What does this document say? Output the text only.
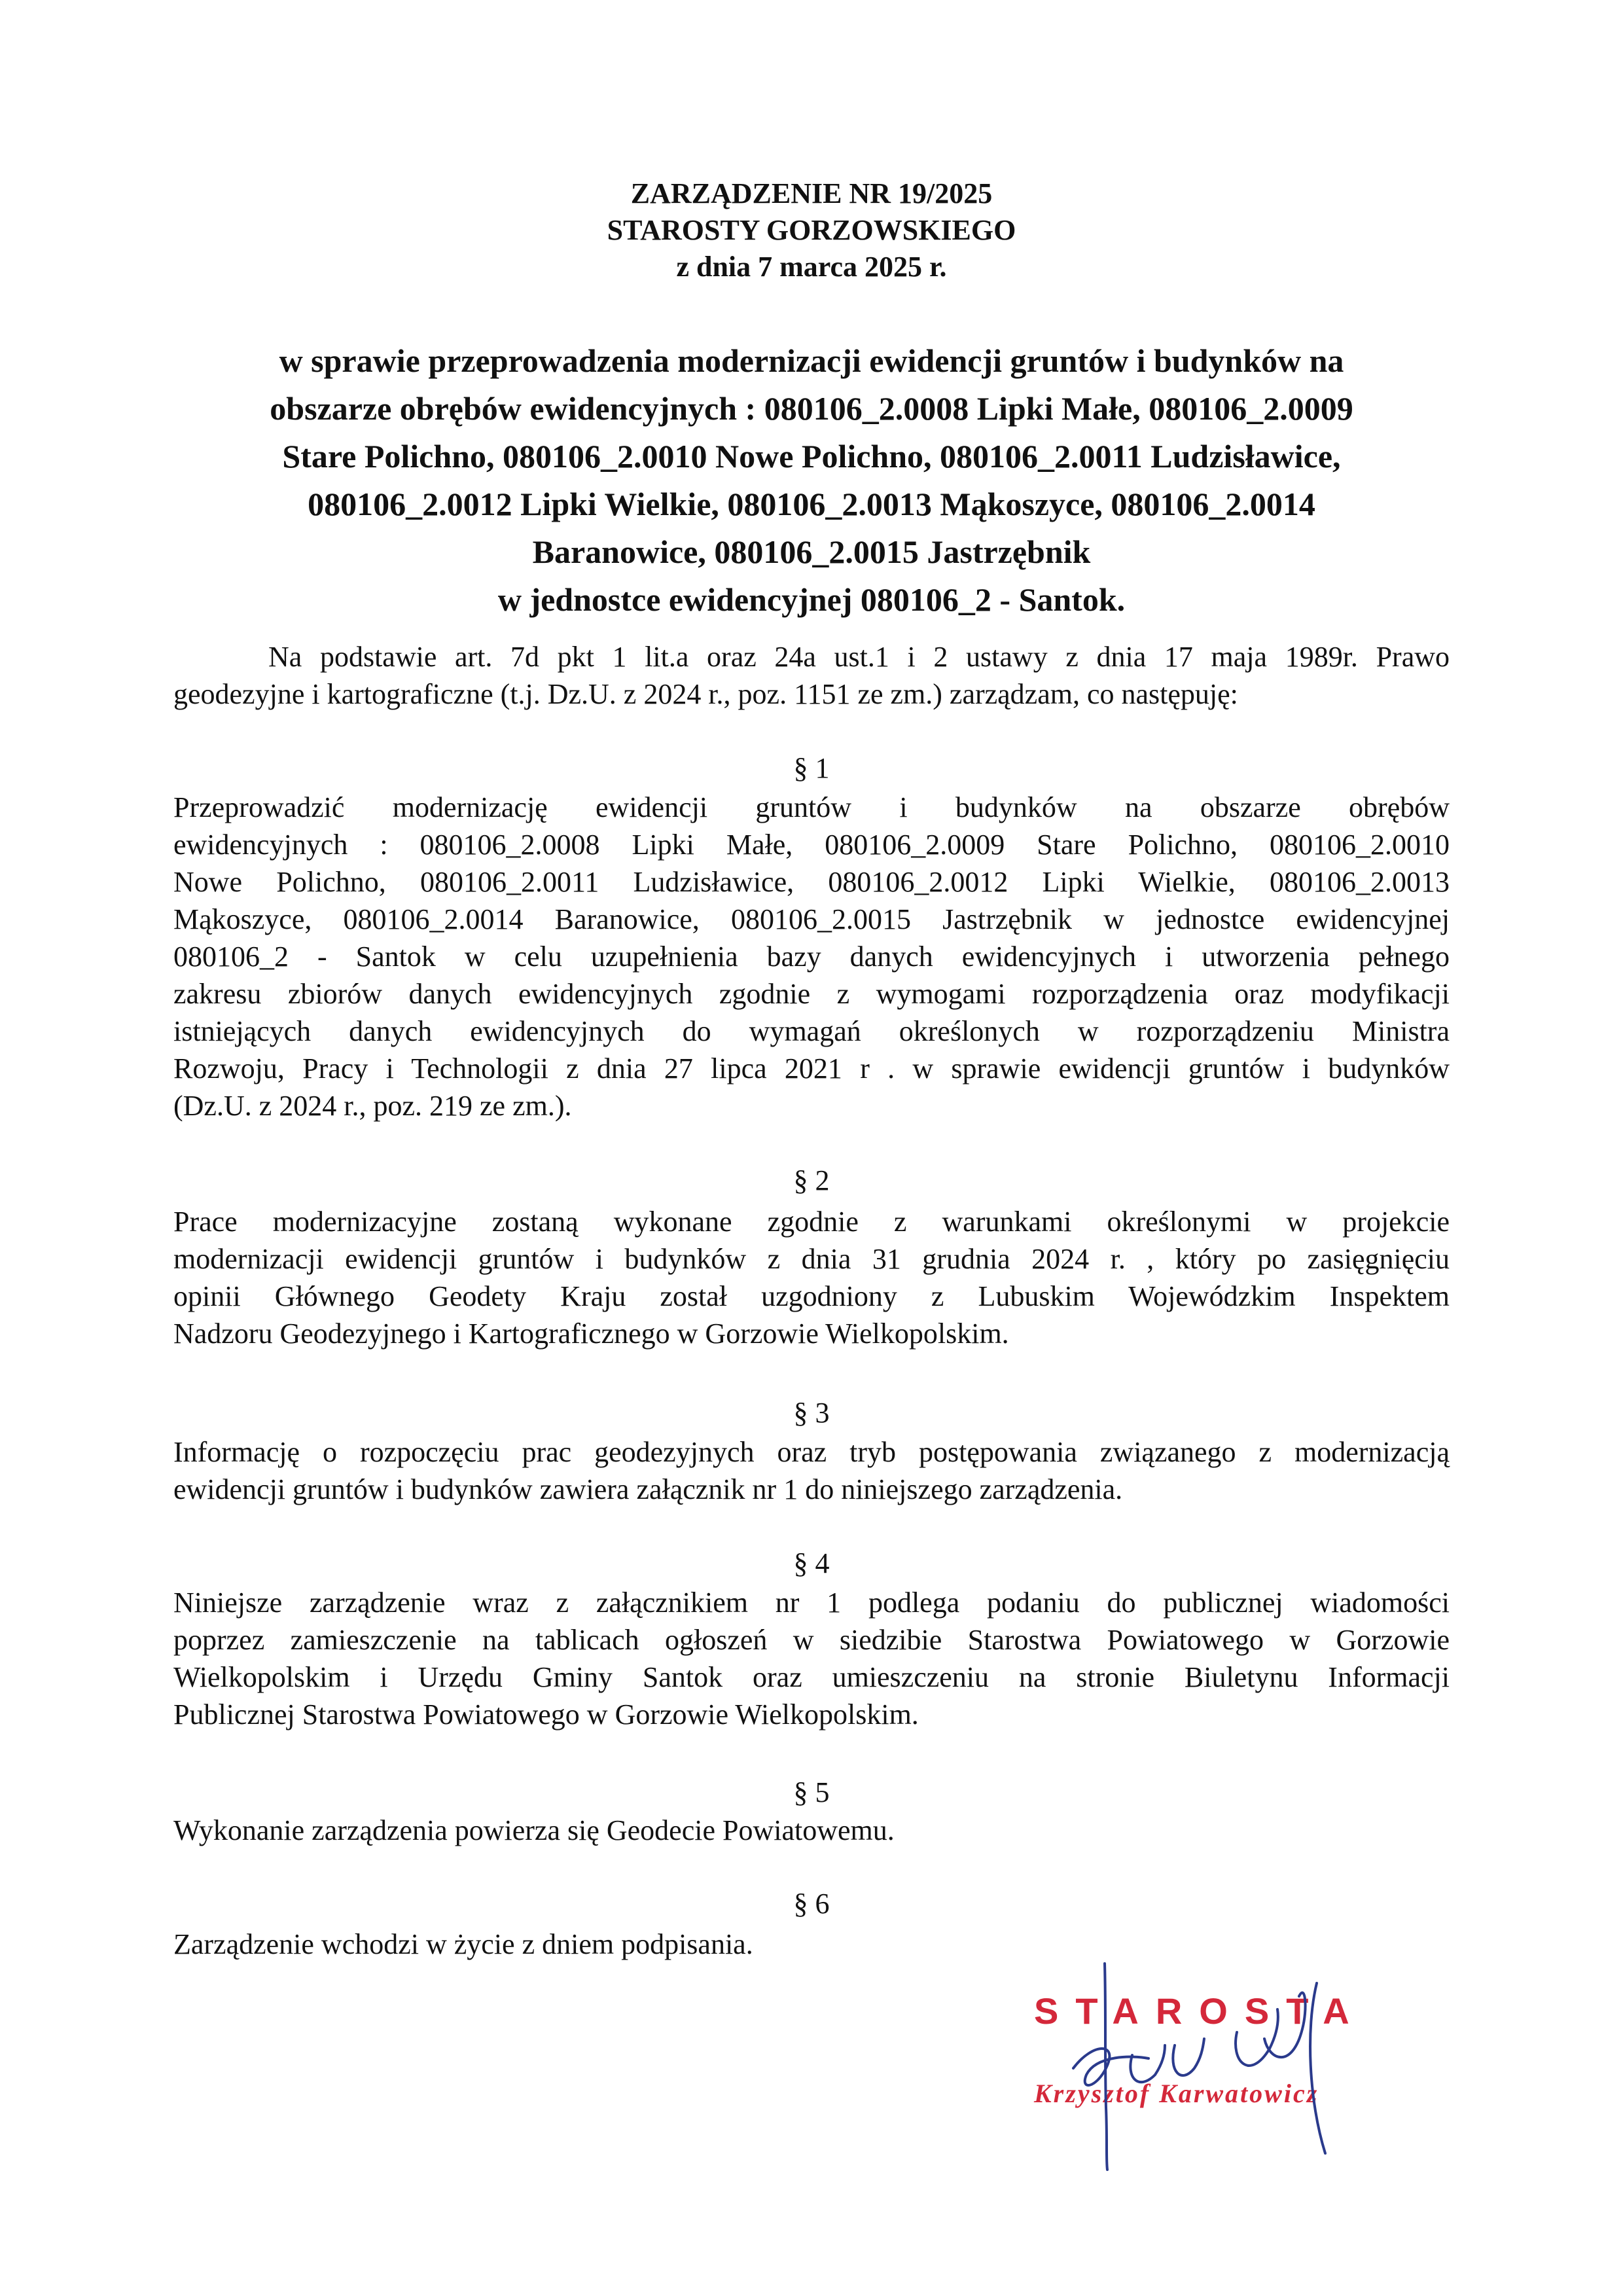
ZARZĄDZENIE NR 19/2025
STAROSTY GORZOWSKIEGO
z dnia 7 marca 2025 r.
w sprawie przeprowadzenia modernizacji ewidencji gruntów i budynków na
obszarze obrębów ewidencyjnych : 080106_2.0008 Lipki Małe, 080106_2.0009
Stare Polichno, 080106_2.0010 Nowe Polichno, 080106_2.0011 Ludzisławice,
080106_2.0012 Lipki Wielkie, 080106_2.0013 Mąkoszyce, 080106_2.0014
Baranowice, 080106_2.0015 Jastrzębnik
w jednostce ewidencyjnej 080106_2 - Santok.
Na podstawie art. 7d pkt 1 lit.a oraz 24a ust.1 i 2 ustawy z dnia 17 maja 1989r. Prawo
geodezyjne i kartograficzne (t.j. Dz.U. z 2024 r., poz. 1151 ze zm.) zarządzam, co następuję:
§ 1
Przeprowadzić modernizację ewidencji gruntów i budynków na obszarze obrębów
ewidencyjnych : 080106_2.0008 Lipki Małe, 080106_2.0009 Stare Polichno, 080106_2.0010
Nowe Polichno, 080106_2.0011 Ludzisławice, 080106_2.0012 Lipki Wielkie, 080106_2.0013
Mąkoszyce, 080106_2.0014 Baranowice, 080106_2.0015 Jastrzębnik w jednostce ewidencyjnej
080106_2 - Santok w celu uzupełnienia bazy danych ewidencyjnych i utworzenia pełnego
zakresu zbiorów danych ewidencyjnych zgodnie z wymogami rozporządzenia oraz modyfikacji
istniejących danych ewidencyjnych do wymagań określonych w rozporządzeniu Ministra
Rozwoju, Pracy i Technologii z dnia 27 lipca 2021 r . w sprawie ewidencji gruntów i budynków
(Dz.U. z 2024 r., poz. 219 ze zm.).
§ 2
Prace modernizacyjne zostaną wykonane zgodnie z warunkami określonymi w projekcie
modernizacji ewidencji gruntów i budynków z dnia 31 grudnia 2024 r. , który po zasięgnięciu
opinii Głównego Geodety Kraju został uzgodniony z Lubuskim Wojewódzkim Inspektem
Nadzoru Geodezyjnego i Kartograficznego w Gorzowie Wielkopolskim.
§ 3
Informację o rozpoczęciu prac geodezyjnych oraz tryb postępowania związanego z modernizacją
ewidencji gruntów i budynków zawiera załącznik nr 1 do niniejszego zarządzenia.
§ 4
Niniejsze zarządzenie wraz z załącznikiem nr 1 podlega podaniu do publicznej wiadomości
poprzez zamieszczenie na tablicach ogłoszeń w siedzibie Starostwa Powiatowego w Gorzowie
Wielkopolskim i Urzędu Gminy Santok oraz umieszczeniu na stronie Biuletynu Informacji
Publicznej Starostwa Powiatowego w Gorzowie Wielkopolskim.
§ 5
Wykonanie zarządzenia powierza się Geodecie Powiatowemu.
§ 6
Zarządzenie wchodzi w życie z dniem podpisania.
STAROSTA
Krzysztof Karwatowicz
